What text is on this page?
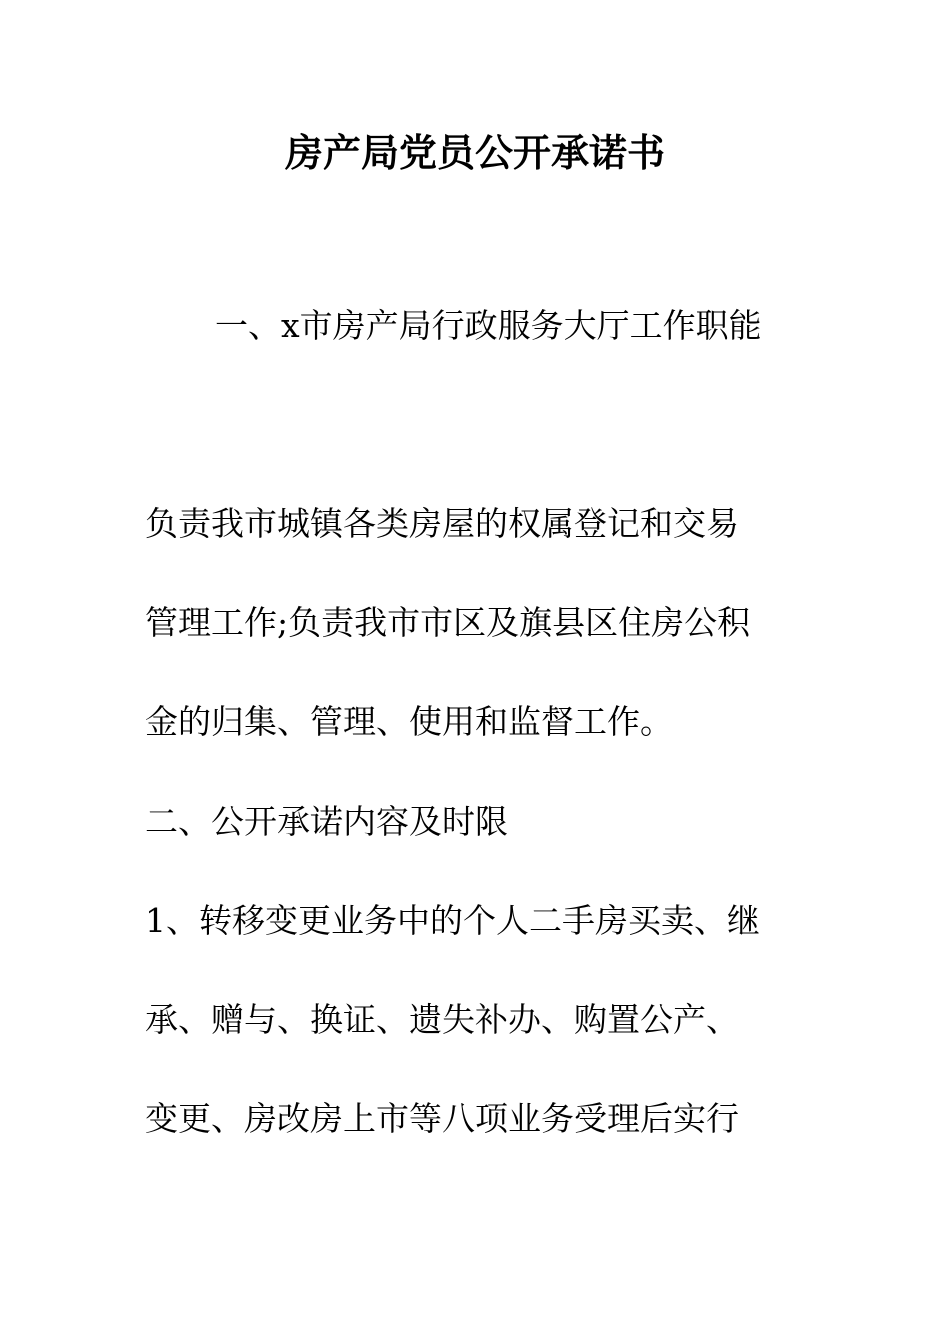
房产局党员公开承诺书
一、x市房产局行政服务大厅工作职能
负责我市城镇各类房屋的权属登记和交易
管理工作;负责我市市区及旗县区住房公积
金的归集、管理、使用和监督工作。
二、公开承诺内容及时限
1、转移变更业务中的个人二手房买卖、继
承、赠与、换证、遗失补办、购置公产、
变更、房改房上市等八项业务受理后实行
